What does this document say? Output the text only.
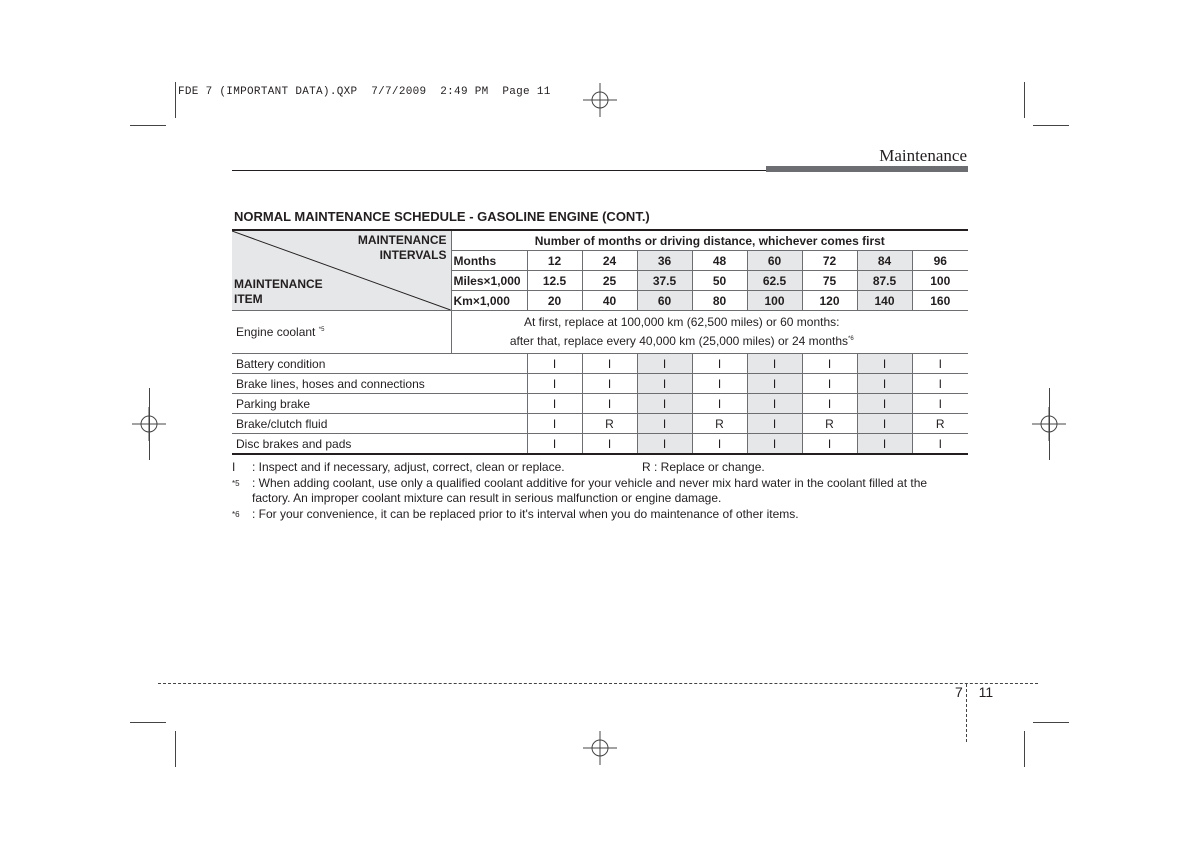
FDE 7 (IMPORTANT DATA).QXP  7/7/2009  2:49 PM  Page 11
Maintenance
NORMAL MAINTENANCE SCHEDULE - GASOLINE ENGINE (CONT.)
MAINTENANCE
INTERVALS
MAINTENANCE
ITEM	Number of months or driving distance, whichever comes first								
	Months	12	24	36	48	60	72	84	96
	Miles×1,000	12.5	25	37.5	50	62.5	75	87.5	100
	Km×1,000	20	40	60	80	100	120	140	160
Engine coolant $^{*5}$	At first, replace at 100,000 km (62,500 miles) or 60 months:
after that, replace every 40,000 km (25,000 miles) or 24 months$^{*6}$

Battery condition		I	I	I	I	I	I	I	I
Brake lines, hoses and connections		I	I	I	I	I	I	I	I
Parking brake		I	I	I	I	I	I	I	I
Brake/clutch fluid		I	R	I	R	I	R	I	R
Disc brakes and pads		I	I	I	I	I	I	I	I
I	: Inspect and if necessary, adjust, correct, clean or replace.	R : Replace or change.
*5	: When adding coolant, use only a qualified coolant additive for your vehicle and never mix hard water in the coolant filled at the factory. An improper coolant mixture can result in serious malfunction or engine damage.
*6	: For your convenience, it can be replaced prior to it's interval when you do maintenance of other items.
7 11
